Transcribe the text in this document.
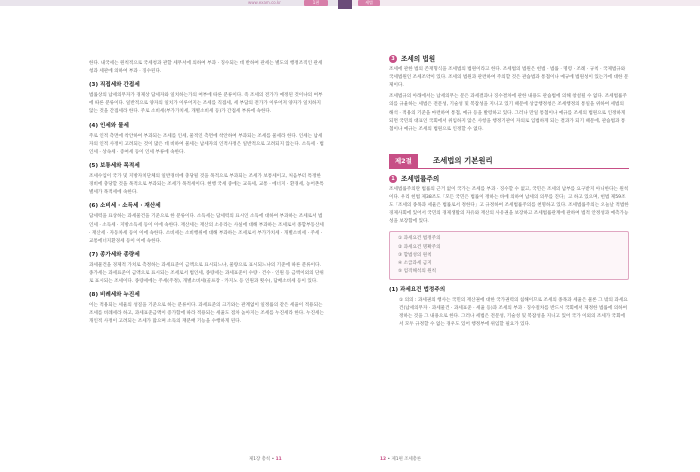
www.exam.co.kr	1편	세법

한다. 내국세는 원칙적으로 국세청과 관할 세무서에 의하여 부과 · 징수되는 데 반하여 관세는 별도의 행정조직인 관세청과 세관에 의하여 부과 · 징수된다.

(3) 직접세와 간접세

법률상의 납세의무자가 경제상 담세자와 일치하는가의 여부에 따른 분류이다. 즉 조세의 전가가 예정된 것이냐의 여부에 따른 분류이다. 일반적으로 양자의 일치가 이루어지는 조세를 직접세, 세 부담의 전가가 이루어져 양자가 일치하지 않는 것을 간접세라 한다. 주로 소비세(부가가치세, 개별소비세 등)가 간접세 부류에 속한다.

(4) 인세와 물세

주로 인적 측면에 착안하여 부과되는 조세를 인세, 물적인 측면에 착안하여 부과되는 조세를 물세라 한다. 인세는 납세자의 인적 사정이 고려되는 것이 많은 데 비하여 물세는 납세자의 인적사정은 일반적으로 고려되지 않는다. 소득세 · 법인세 · 상속세 · 증여세 등이 인세 부류에 속한다.

(5) 보통세와 목적세

조세수입이 국가 및 지방자치단체의 일반경비에 충당될 것을 목적으로 부과되는 조세가 보통세이고, 처음부터 특정한 경비에 충당할 것을 목적으로 부과되는 조세가 목적세이다. 현행 국세 중에는 교육세, 교통 · 에너지 · 환경세, 농어촌특별세가 목적세에 속한다.

(6) 소비세 · 소득세 · 재산세

담세력을 표상하는 과세물건을 기준으로 한 분류이다. 소득세는 담세력의 표시인 소득에 대하여 부과하는 조세로서 법인세 · 소득세 · 지방소득세 등이 이에 속한다. 재산세는 재산의 소유라는 사실에 대해 부과하는 조세로서 종합부동산세 · 재산세 · 자동차세 등이 이에 속한다. 소비세는 소비행위에 대해 부과하는 조세로서 부가가치세 · 개별소비세 · 주세 · 교통에너지환경세 등이 이에 속한다.

(7) 종가세와 종량세

과세물건을 경제적 가치로 측정하는 과세표준이 금액으로 표시되느냐, 물량으로 표시되느냐의 기준에 따른 분류이다. 종가세는 과세표준이 금액으로 표시되는 조세로서 법인세, 종량세는 과세표준이 수량 · 건수 · 인원 등 금액이외의 단위로 표시되는 조세이다. 종량세에는 주세(주정), 개별소비세(골프장 · 카지노 등 인원과 횟수), 담배소비세 등이 있다.

(8) 비례세와 누진세

이는 적용되는 세율의 성질을 기준으로 하는 분류이다. 과세표준의 크기와는 관계없이 일정률의 같은 세율이 적용되는 조세를 비례세라 하고, 과세표준금액이 증가함에 따라 적용되는 세율도 점차 높아지는 조세를 누진세라 한다. 누진세는 개인적 사정이 고려되는 조세가 많으며 소득의 재분배 기능을 수행하게 된다.

3 조세의 법원

조세에 관한 법의 존재형식을 조세법의 법원이라고 한다. 조세법의 법원은 헌법 · 법률 · 명령 · 조례 · 규칙 · 국제법규와 국세법원인 조세조약이 있다. 조세의 법원과 관련하여 주의할 것은 관습법과 통첩이나 예규에 법원성이 있는가에 대한 문제이다.

조세법규의 아래에서는 납세의무는 문은 과세결과나 징수결차에 관한 내용도 관습법에 의해 창설될 수 없다. 조세법률주의를 규율하는 세법은 전문성, 기술성 및 복잡성을 지니고 있기 때문에 상급행정청은 조세행정의 통일을 위하여 세법의 해석 · 적용의 기준을 마련하여 통첩, 예규 등을 발령하고 있다. 그러나 만일 통첩이나 예규를 조세의 법원으로 인정하게 되면 국민의 대표인 국회에서 위임하지 않은 사항을 행정기관이 자의로 입법하게 되는 결과가 되기 때문에, 관습법과 통첩이나 예규는 조세의 법원으로 인정할 수 없다.

제2절	조세법의 기본원리
1 조세법률주의

조세법률주의란 법률의 근거 없이 국가는 조세를 부과 · 징수할 수 없고, 국민은 조세의 납부를 요구받지 아니한다는 원칙이다. 우리 헌법 제38조도「모든 국민은 법률이 정하는 바에 의하여 납세의 의무를 진다」고 하고 있으며, 헌법 제59조도「조세의 종목과 세율은 법률로서 정한다」고 규정하여 조세법률주의를 천명하고 있다. 조세법률주의는 오늘날 적법한 경제사회에 있어서 국민의 경제생활의 자유와 재산의 사유권을 보장하고 조세법률관계에 관하여 법적 안정성과 예측가능성을 보장함에 있다.

① 과세요건 법정주의
② 과세요건 명확주의
③ 합법성의 원칙
④ 소급과세 금지
⑤ 엄격해석의 원칙
(1) 과세요건 법정주의

① 의의 : 과세권의 행사는 국민의 재산권에 대한 국가권력의 침해이므로 조세의 종목과 세율은 물론 그 밖의 과세요건(납세의무자 · 과세물건 · 과세표준 · 세율 등)과 조세의 부과 · 징수절차를 반드시 국회에서 제정한 법률에 의하여 정하는 것을 그 내용으로 한다. 그러나 세법은 전문성, 기술성 및 복잡성을 지니고 있어 국가 이외의 조세가 국회에서 모두 규정할 수 없는 경우도 있어 행정부에 위임할 필요가 있다.

제1장 총칙 • 11	12 • 제1편 조세총론
